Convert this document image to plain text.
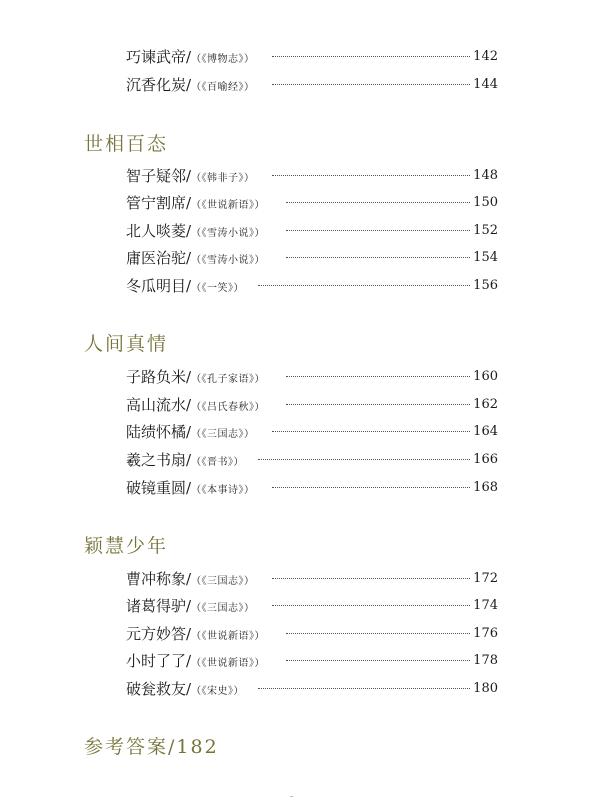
巧谏武帝/（《博物志》）	142
沉香化炭/（《百喻经》）	144
世相百态
智子疑邻/（《韩非子》）	148
管宁割席/（《世说新语》）	150
北人啖菱/（《雪涛小说》）	152
庸医治驼/（《雪涛小说》）	154
冬瓜明目/（《一笑》）	156
人间真情
子路负米/（《孔子家语》）	160
高山流水/（《吕氏春秋》）	162
陆绩怀橘/（《三国志》）	164
羲之书扇/（《晋书》）	166
破镜重圆/（《本事诗》）	168
颖慧少年
曹冲称象/（《三国志》）	172
诸葛得驴/（《三国志》）	174
元方妙答/（《世说新语》）	176
小时了了/（《世说新语》）	178
破瓮救友/（《宋史》）	180
参考答案/182
